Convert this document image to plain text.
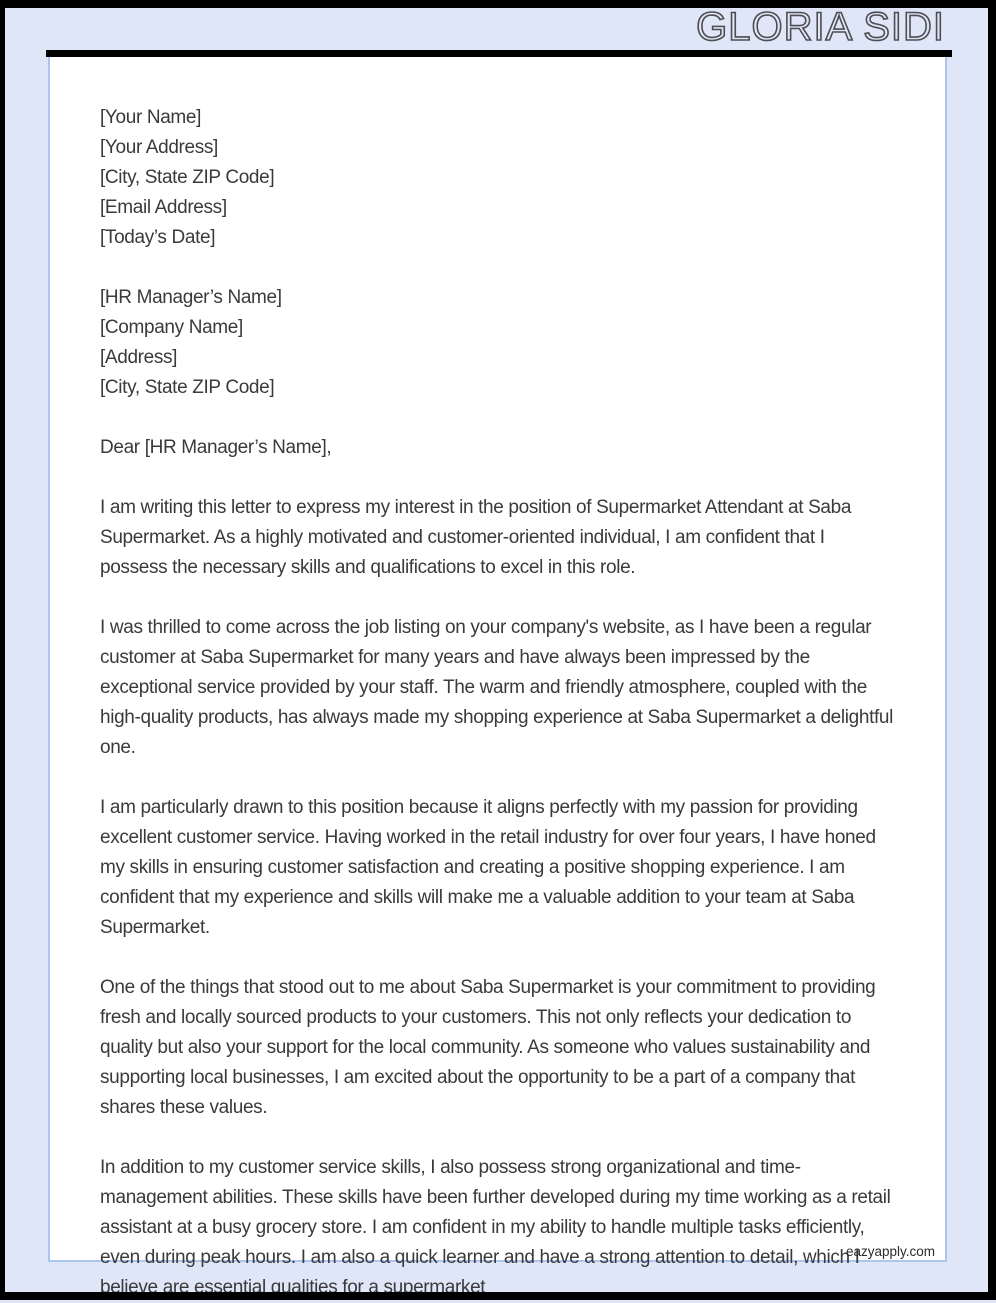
GLORIA SIDI
[Your Name]
[Your Address]
[City, State ZIP Code]
[Email Address]
[Today’s Date]
[HR Manager’s Name]
[Company Name]
[Address]
[City, State ZIP Code]

Dear [HR Manager’s Name],

I am writing this letter to express my interest in the position of Supermarket Attendant at Saba Supermarket. As a highly motivated and customer-oriented individual, I am confident that I possess the necessary skills and qualifications to excel in this role.

I was thrilled to come across the job listing on your company's website, as I have been a regular customer at Saba Supermarket for many years and have always been impressed by the exceptional service provided by your staff. The warm and friendly atmosphere, coupled with the high-quality products, has always made my shopping experience at Saba Supermarket a delightful one.

I am particularly drawn to this position because it aligns perfectly with my passion for providing excellent customer service. Having worked in the retail industry for over four years, I have honed my skills in ensuring customer satisfaction and creating a positive shopping experience. I am confident that my experience and skills will make me a valuable addition to your team at Saba Supermarket.

One of the things that stood out to me about Saba Supermarket is your commitment to providing fresh and locally sourced products to your customers. This not only reflects your dedication to quality but also your support for the local community. As someone who values sustainability and supporting local businesses, I am excited about the opportunity to be a part of a company that shares these values.

In addition to my customer service skills, I also possess strong organizational and time-management abilities. These skills have been further developed during my time working as a retail assistant at a busy grocery store. I am confident in my ability to handle multiple tasks efficiently, even during peak hours. I am also a quick learner and have a strong attention to detail, which I believe are essential qualities for a supermarket

eazyapply.com
